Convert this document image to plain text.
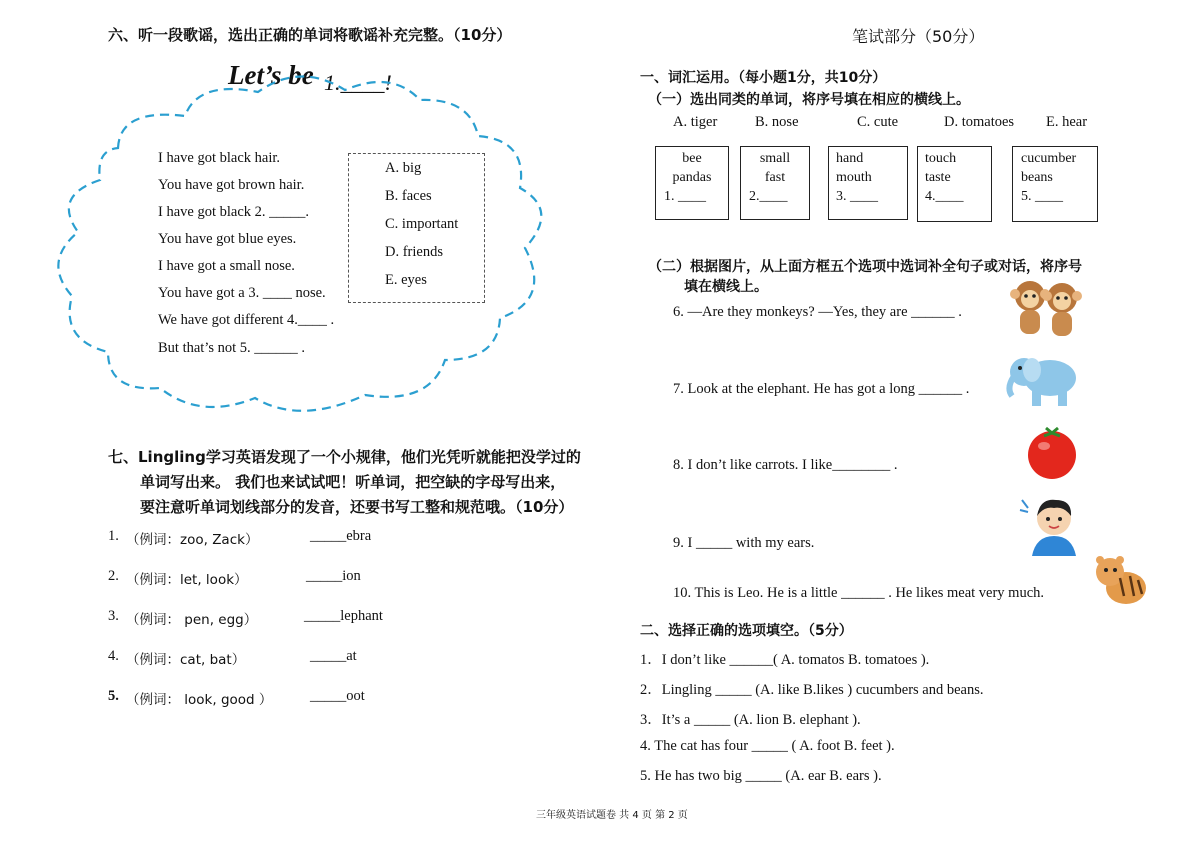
六、听一段歌谣，选出正确的单词将歌谣补充完整。（10分）
Let’s be 1.____!
I have got black hair.
You have got brown hair.
I have got black 2. _____.
You have got blue eyes.
I have got a small nose.
You have got a 3. ____ nose.
We have got different 4.____ .
But that’s not 5. ______ .
A. big
B. faces
C. important
D. friends
E. eyes
七、Lingling学习英语发现了一个小规律，他们光凭听就能把没学过的
单词写出来。 我们也来试试吧！听单词，把空缺的字母写出来，
要注意听单词划线部分的发音，还要书写工整和规范哦。（10分）
1. （例词：zoo, Zack）	_____ebra
2. （例词：let, look）	_____ion
3. （例词： pen, egg）	_____lephant
4. （例词：cat, bat）	_____at
5. （例词： look, good ）	_____oot
笔试部分（50分）
一、词汇运用。（每小题1分，共10分）
（一）选出同类的单词，将序号填在相应的横线上。
A. tiger	B. nose	C. cute	D. tomatoes E. hear
bee
pandas
1. ____
small
fast
2.____
hand
mouth
3. ____
touch
taste
4.____
cucumber
beans
5. ____
（二）根据图片，从上面方框五个选项中选词补全句子或对话，将序号
填在横线上。
6. —Are they monkeys? —Yes, they are ______ .
7. Look at the elephant. He has got a long ______ .
8. I don’t like carrots. I like________ .
9. I _____ with my ears.
10. This is Leo. He is a little ______ . He likes meat very much.
二、选择正确的选项填空。（5分）
1．I don’t like ______( A. tomatos B. tomatoes ).
2．Lingling _____ (A. like B.likes ) cucumbers and beans.
3．It’s a _____ (A. lion B. elephant ).
4. The cat has four _____ ( A. foot B. feet ).
5. He has two big _____ (A. ear B. ears ).
三年级英语试题卷 共 4 页 第 2 页
